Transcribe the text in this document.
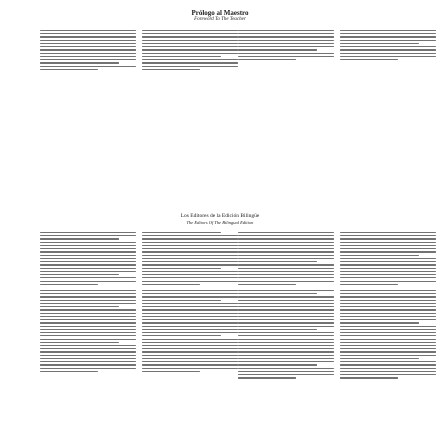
Prólogo al Maestro
Foreword To The Teacher
Los Editores de la Edición Bilingüe
The Editors Of The Bilingual Edition
